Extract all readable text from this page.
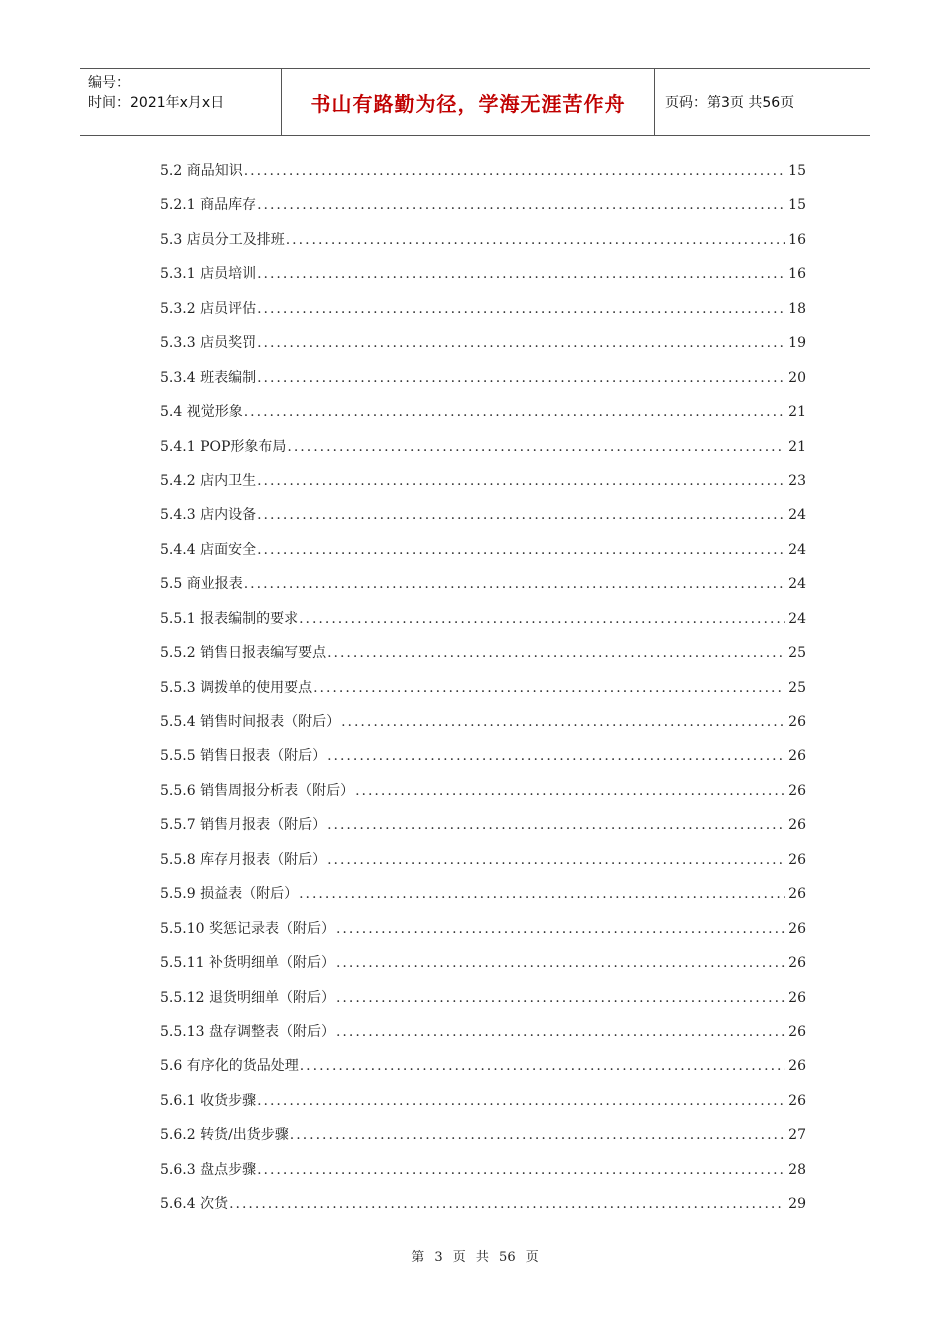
编号：
时间：2021年x月x日	书山有路勤为径，学海无涯苦作舟	页码：第3页 共56页
5.2 商品知识 .....	15
5.2.1 商品库存 .....	15
5.3 店员分工及排班 .....	16
5.3.1 店员培训 .....	16
5.3.2 店员评估 .....	18
5.3.3 店员奖罚 .....	19
5.3.4 班表编制 .....	20
5.4 视觉形象 .....	21
5.4.1 POP形象布局 .....	21
5.4.2 店内卫生 .....	23
5.4.3 店内设备 .....	24
5.4.4 店面安全 .....	24
5.5 商业报表 .....	24
5.5.1 报表编制的要求 .....	24
5.5.2 销售日报表编写要点 .....	25
5.5.3 调拨单的使用要点 .....	25
5.5.4 销售时间报表（附后） .....	26
5.5.5 销售日报表（附后） .....	26
5.5.6 销售周报分析表（附后） .....	26
5.5.7 销售月报表（附后） .....	26
5.5.8 库存月报表（附后） .....	26
5.5.9 损益表（附后） .....	26
5.5.10 奖惩记录表（附后） .....	26
5.5.11 补货明细单（附后） .....	26
5.5.12 退货明细单（附后） .....	26
5.5.13 盘存调整表（附后） .....	26
5.6 有序化的货品处理 .....	26
5.6.1 收货步骤 .....	26
5.6.2 转货/出货步骤 .....	27
5.6.3 盘点步骤 .....	28
5.6.4 次货 .....	29
第 3 页 共 56 页
